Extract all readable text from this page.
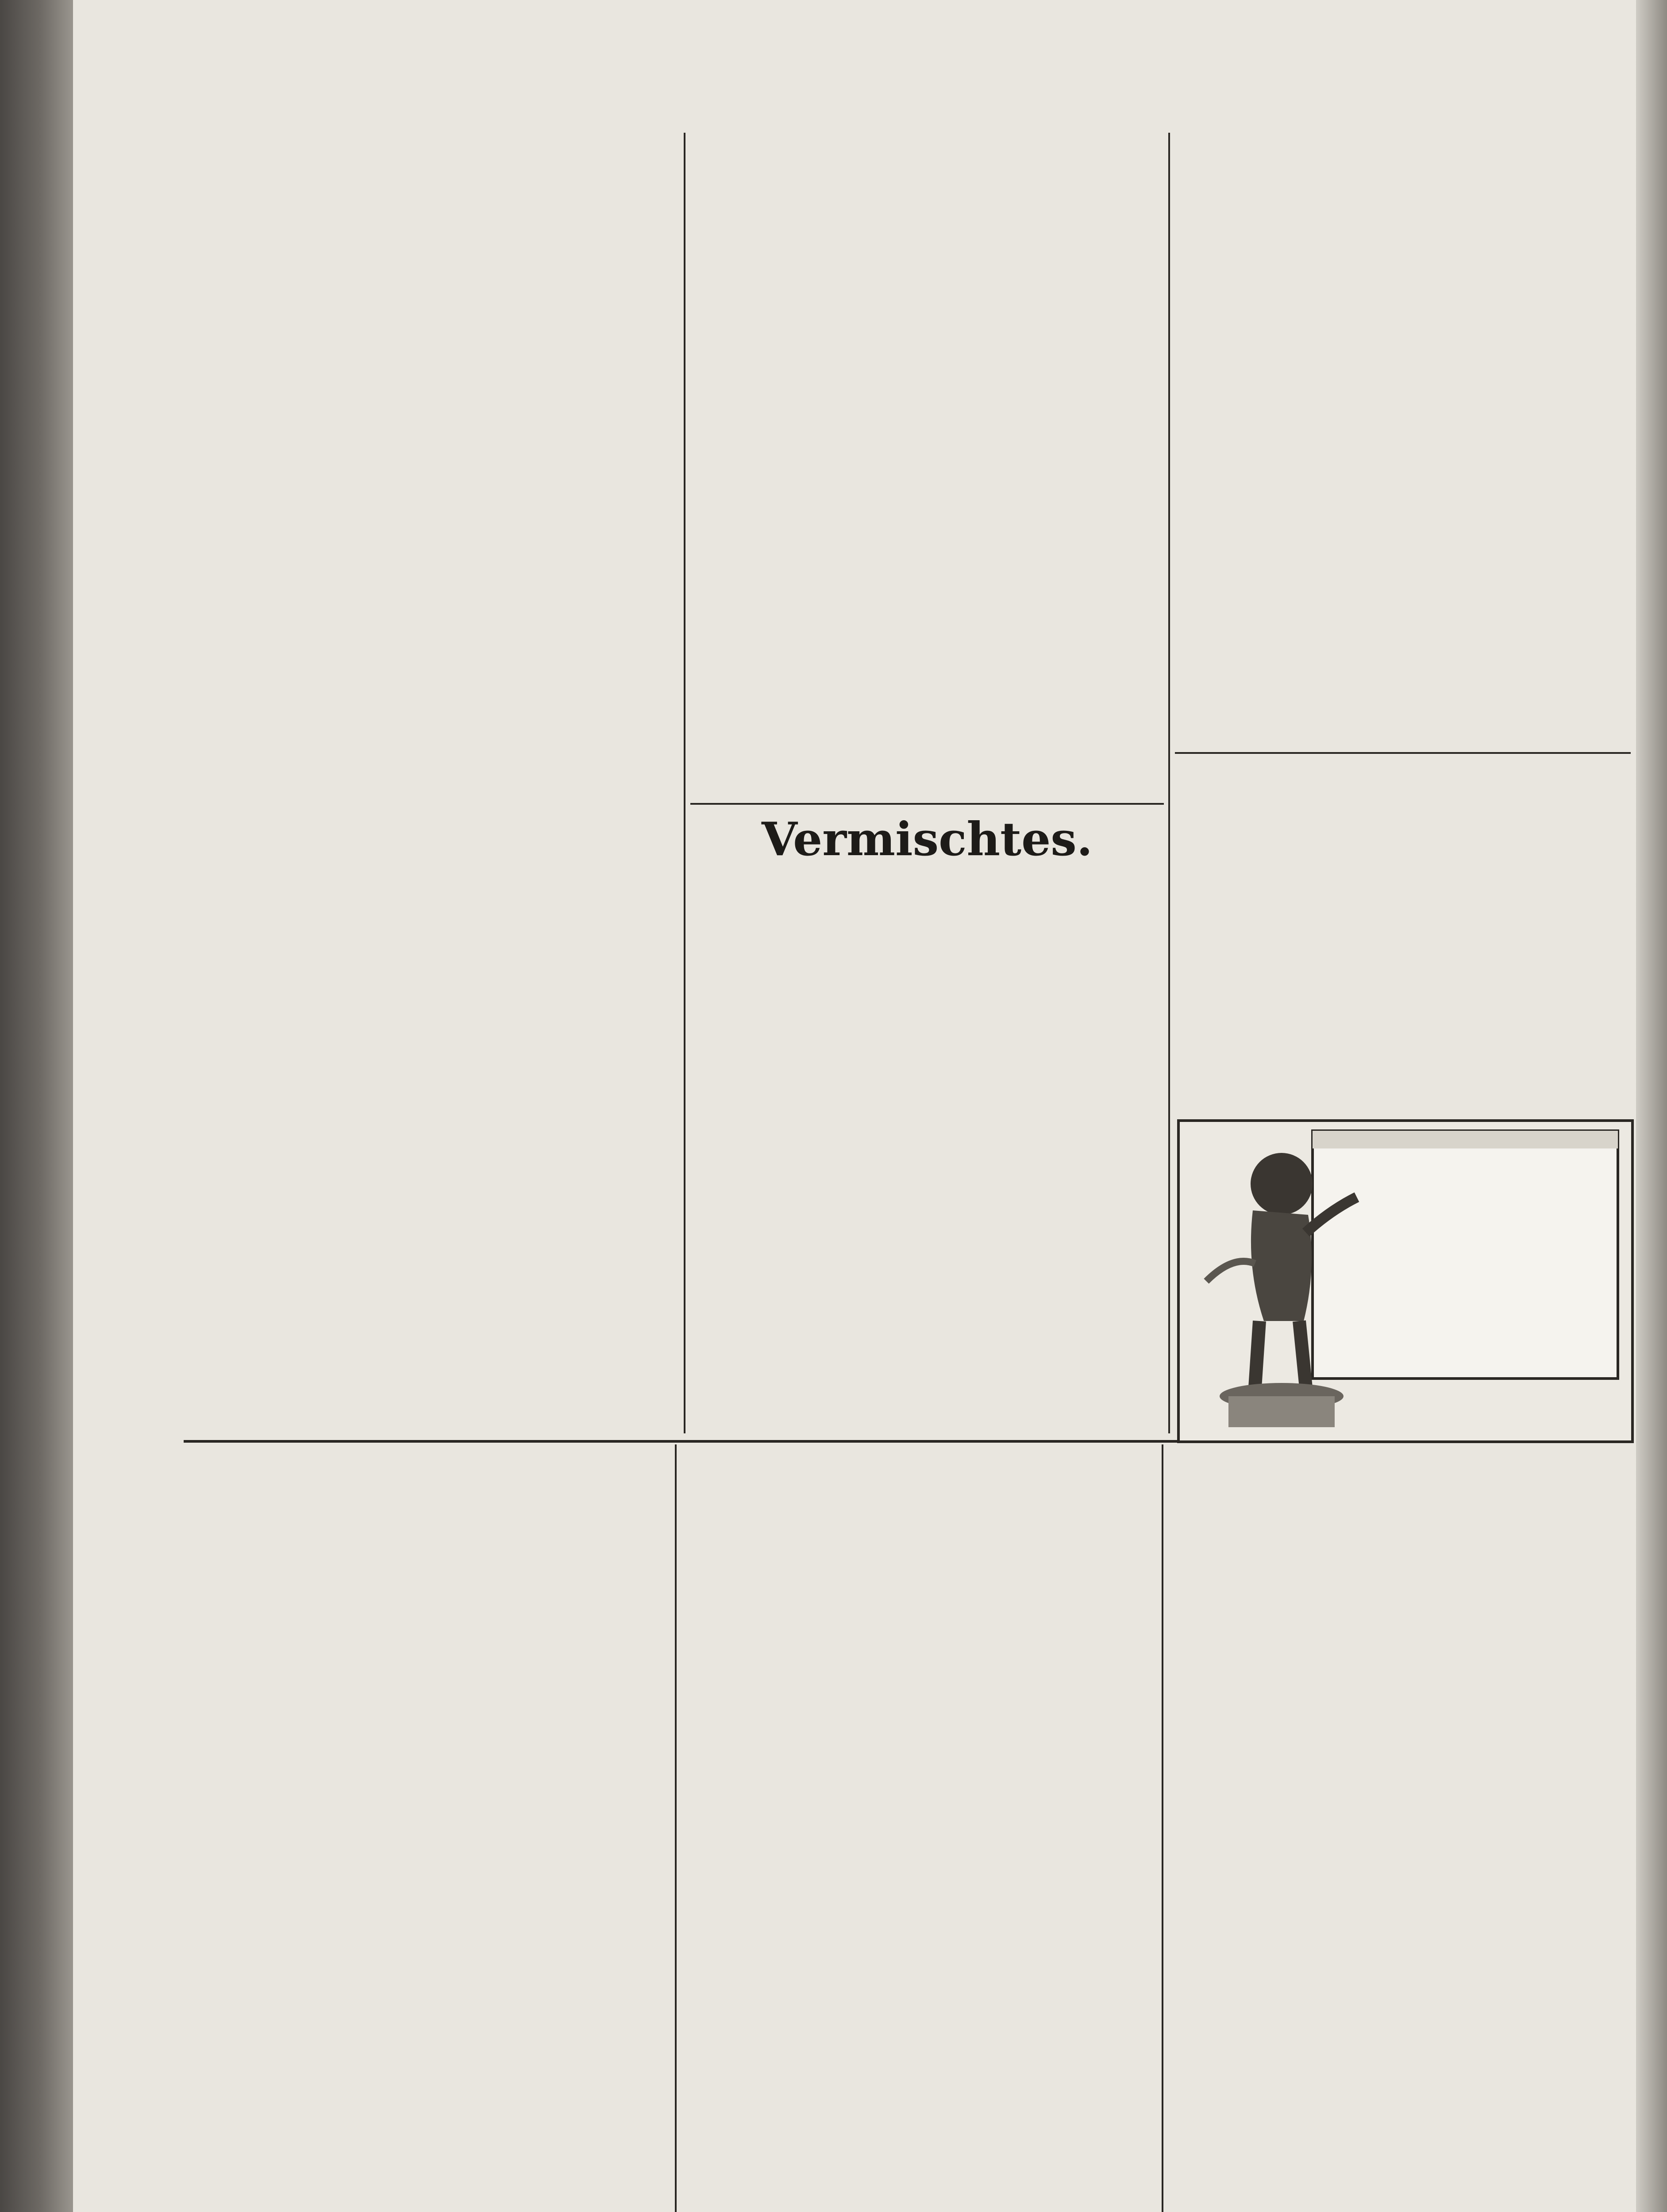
Vermischtes.
